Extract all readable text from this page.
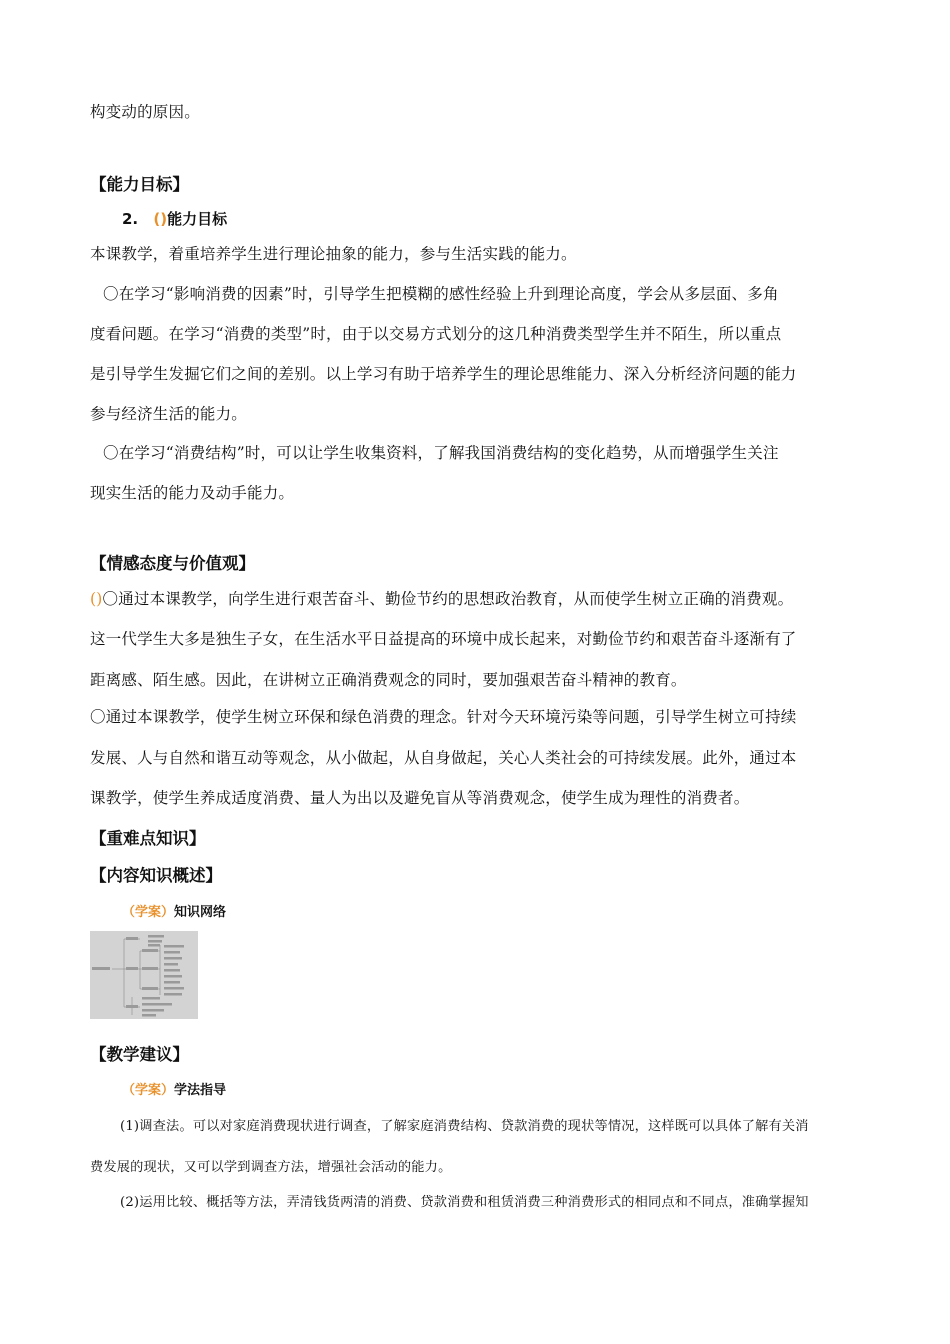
构变动的原因。
【能力目标】
2. ()能力目标
本课教学，着重培养学生进行理论抽象的能力，参与生活实践的能力。
〇在学习“影响消费的因素”时，引导学生把模糊的感性经验上升到理论高度，学会从多层面、多角
度看问题。在学习“消费的类型”时，由于以交易方式划分的这几种消费类型学生并不陌生，所以重点
是引导学生发掘它们之间的差别。以上学习有助于培养学生的理论思维能力、深入分析经济问题的能力
参与经济生活的能力。
〇在学习“消费结构”时，可以让学生收集资料，了解我国消费结构的变化趋势，从而增强学生关注
现实生活的能力及动手能力。
【情感态度与价值观】
()〇通过本课教学，向学生进行艰苦奋斗、勤俭节约的思想政治教育，从而使学生树立正确的消费观。
这一代学生大多是独生子女，在生活水平日益提高的环境中成长起来，对勤俭节约和艰苦奋斗逐渐有了
距离感、陌生感。因此，在讲树立正确消费观念的同时，要加强艰苦奋斗精神的教育。
〇通过本课教学，使学生树立环保和绿色消费的理念。针对今天环境污染等问题，引导学生树立可持续
发展、人与自然和谐互动等观念，从小做起，从自身做起，关心人类社会的可持续发展。此外，通过本
课教学，使学生养成适度消费、量人为出以及避免盲从等消费观念，使学生成为理性的消费者。
【重难点知识】
【内容知识概述】
（学案）知识网络
【教学建议】
（学案）学法指导
(1)调查法。可以对家庭消费现状进行调查，了解家庭消费结构、贷款消费的现状等情况，这样既可以具体了解有关消
费发展的现状，又可以学到调查方法，增强社会活动的能力。
(2)运用比较、概括等方法，弄清钱货两清的消费、贷款消费和租赁消费三种消费形式的相同点和不同点，准确掌握知
